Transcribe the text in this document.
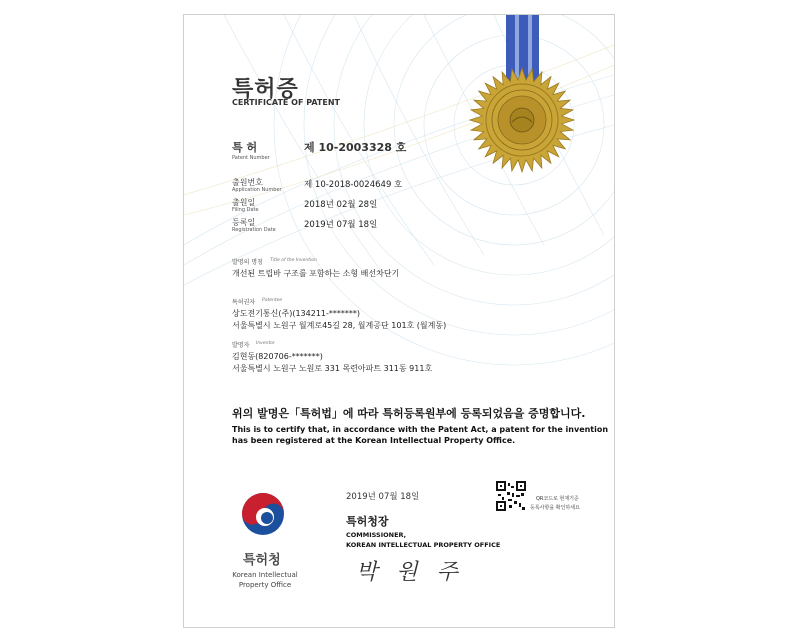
특허증
CERTIFICATE OF PATENT
특 허
Patent Number
제 10-2003328 호
출원번호
Application Number	제 10-2018-0024649 호
출원일
Filing Date	2018년 02월 28일
등록일
Registration Date	2019년 07월 18일
발명의 명칭 Title of the Invention
개선된 트립바 구조를 포함하는 소형 배선차단기
특허권자 Patentee
상도전기통신(주)(134211-*******)
서울특별시 노원구 월계로45길 28, 월계공단 101호 (월계동)
발명자 Inventor
김현동(820706-*******)
서울특별시 노원구 노원로 331 목련아파트 311동 911호
위의 발명은「특허법」에 따라 특허등록원부에 등록되었음을 증명합니다.
This is to certify that, in accordance with the Patent Act, a patent for the invention
has been registered at the Korean Intellectual Property Office.
2019년 07월 18일	QR코드로 현재기준
등록사항을 확인하세요
특허청장
COMMISSIONER,
KOREAN INTELLECTUAL PROPERTY OFFICE
박 원 주
특허청
Korean Intellectual
Property Office
